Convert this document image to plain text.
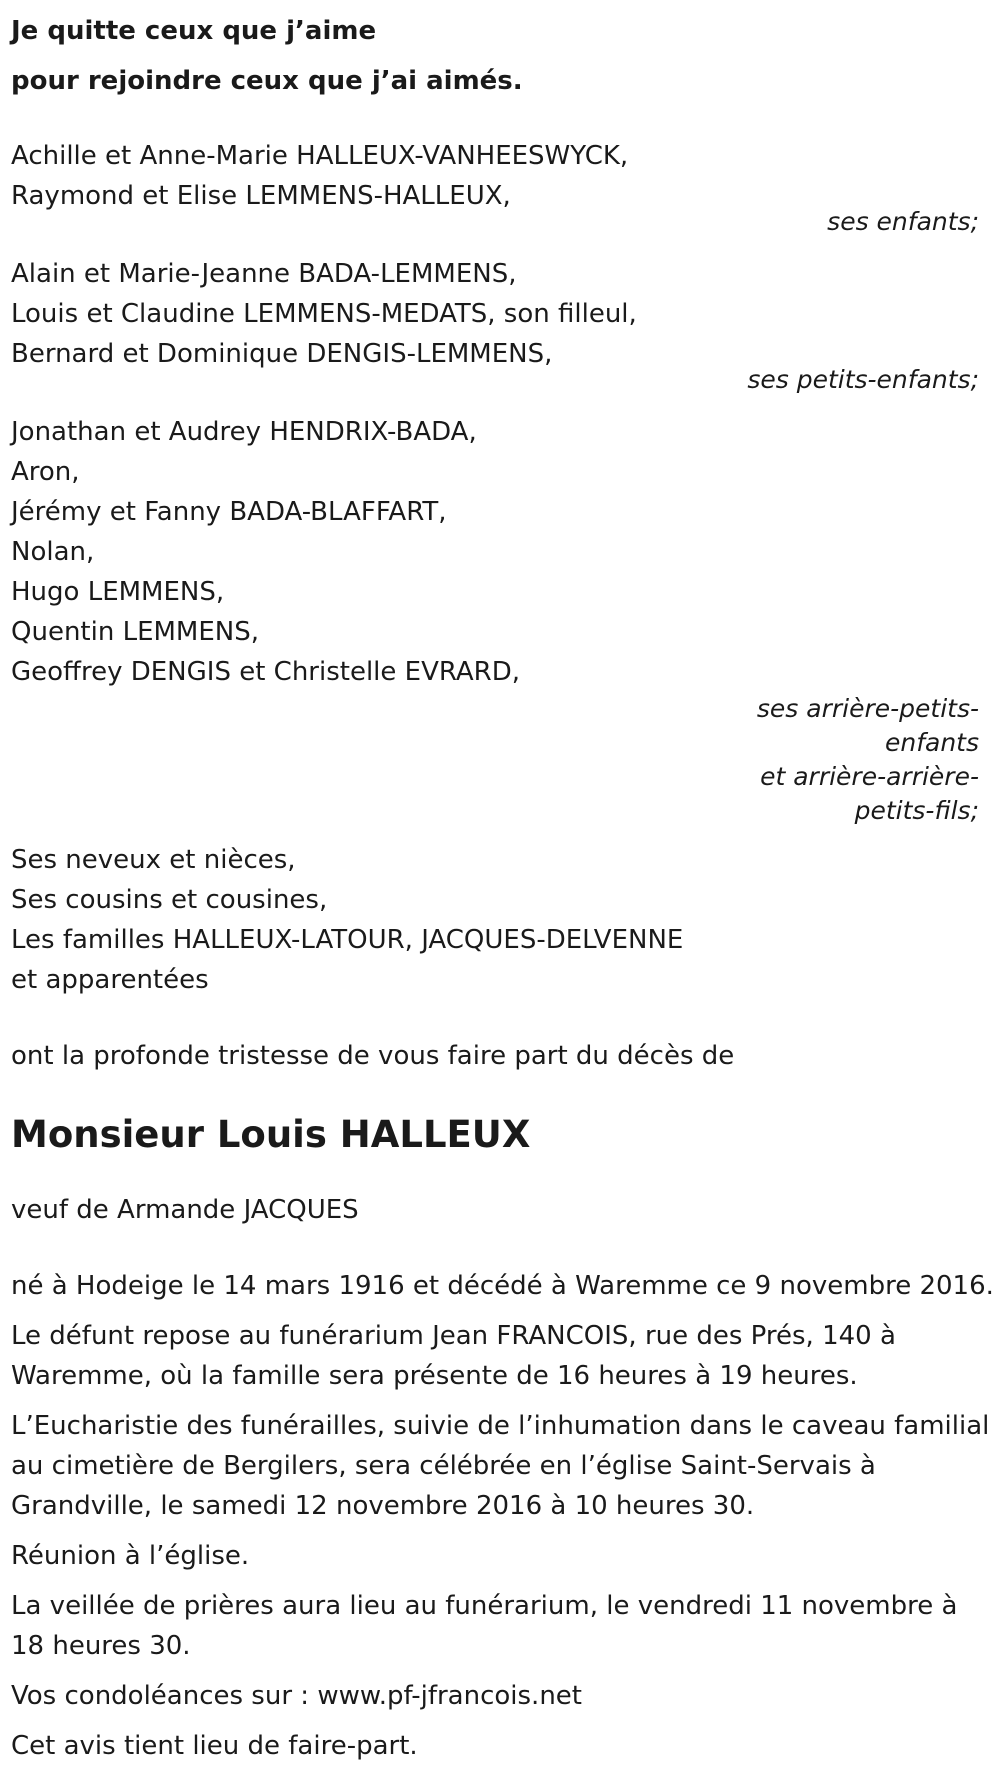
Je quitte ceux que j’aime

pour rejoindre ceux que j’ai aimés.

Achille et Anne-Marie HALLEUX-VANHEESWYCK,

Raymond et Elise LEMMENS-HALLEUX,

ses enfants;

Alain et Marie-Jeanne BADA-LEMMENS,

Louis et Claudine LEMMENS-MEDATS, son filleul,

Bernard et Dominique DENGIS-LEMMENS,

ses petits-enfants;

Jonathan et Audrey HENDRIX-BADA,

Aron,

Jérémy et Fanny BADA-BLAFFART,

Nolan,

Hugo LEMMENS,

Quentin LEMMENS,

Geoffrey DENGIS et Christelle EVRARD,

ses arrière-petits-enfants
et arrière-arrière-petits-fils;

Ses neveux et nièces,

Ses cousins et cousines,

Les familles HALLEUX-LATOUR, JACQUES-DELVENNE

et apparentées

ont la profonde tristesse de vous faire part du décès de

Monsieur Louis HALLEUX

veuf de Armande JACQUES

né à Hodeige le 14 mars 1916 et décédé à Waremme ce 9 novembre 2016.

Le défunt repose au funérarium Jean FRANCOIS, rue des Prés, 140 à Waremme, où la famille sera présente de 16 heures à 19 heures.

L’Eucharistie des funérailles, suivie de l’inhumation dans le caveau familial au cimetière de Bergilers, sera célébrée en l’église Saint-Servais à Grandville, le samedi 12 novembre 2016 à 10 heures 30.

Réunion à l’église.

La veillée de prières aura lieu au funérarium, le vendredi 11 novembre à 18 heures 30.

Vos condoléances sur : www.pf-jfrancois.net

Cet avis tient lieu de faire-part.
